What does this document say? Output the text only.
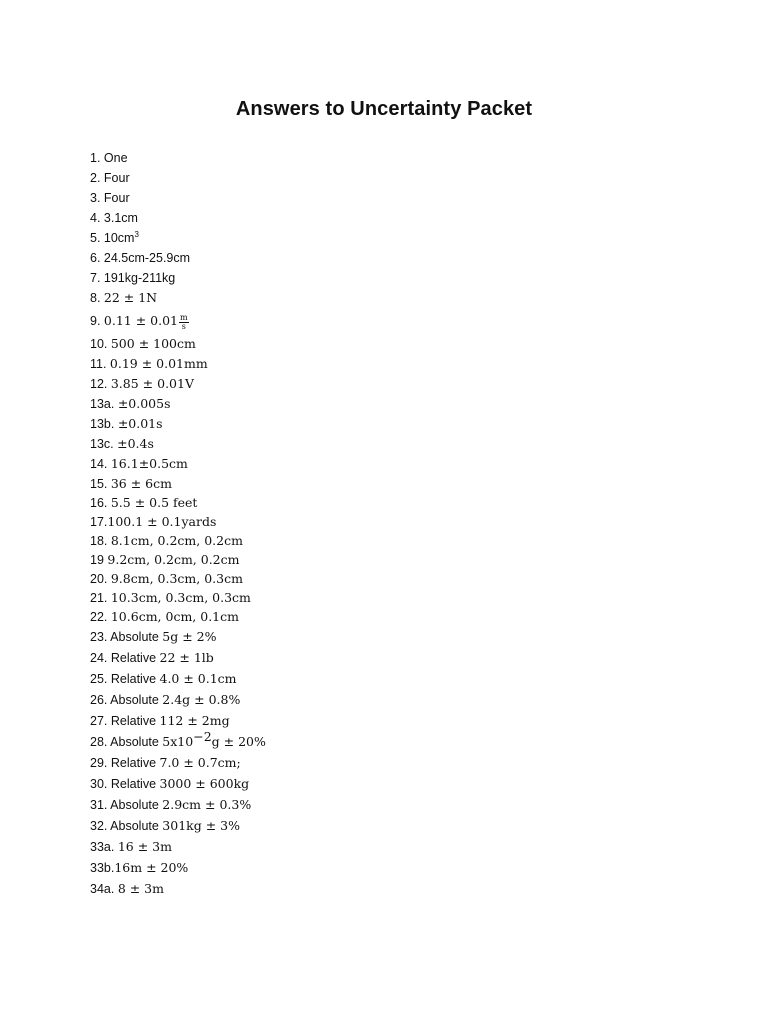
Answers to Uncertainty Packet
1. One
2. Four
3. Four
4. 3.1cm
5. $10cm^3$
6. 24.5cm-25.9cm
7. 191kg-211kg
8. 22 ± 1N
9. $0.11 \pm 0.01 \frac{m}{s}$
10. 500 ± 100cm
11. 0.19 ± 0.01mm
12. 3.85 ± 0.01V
13a. ±0.005s
13b. ±0.01s
13c. ±0.4s
14. 16.1±0.5cm
15. 36 ± 6cm
16. 5.5 ± 0.5 feet
17.100.1 ± 0.1yards
18. 8.1cm, 0.2cm, 0.2cm
19 9.2cm, 0.2cm, 0.2cm
20. 9.8cm, 0.3cm, 0.3cm
21. 10.3cm, 0.3cm, 0.3cm
22. 10.6cm, 0cm, 0.1cm
23. Absolute 5g ± 2%
24. Relative 22 ± 1lb
25. Relative 4.0 ± 0.1cm
26. Absolute 2.4g ± 0.8%
27. Relative 112 ± 2mg
28. Absolute $5x10^{-2}g \pm 20\%$
29. Relative 7.0 ± 0.7cm;
30. Relative 3000 ± 600kg
31. Absolute 2.9cm ± 0.3%
32. Absolute 301kg ± 3%
33a. 16 ± 3m
33b.16m ± 20%
34a. 8 ± 3m
